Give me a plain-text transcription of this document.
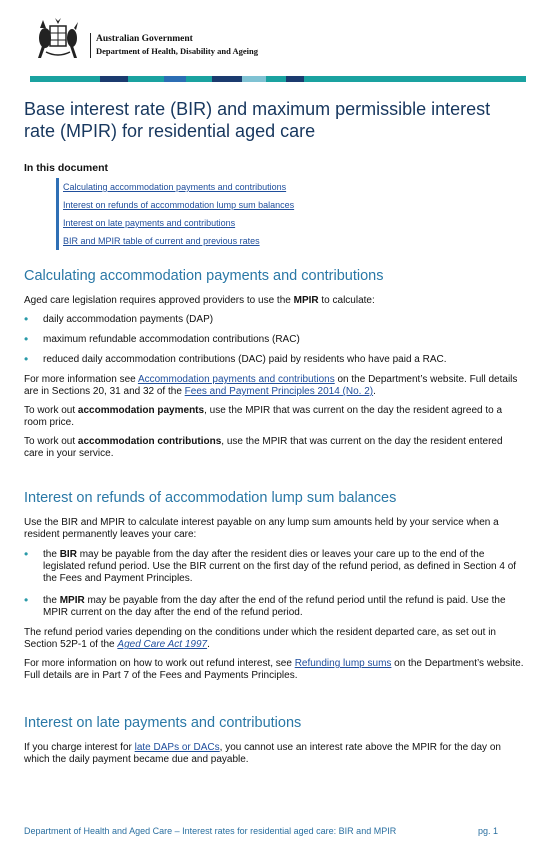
Australian Government
Department of Health, Disability and Ageing
Base interest rate (BIR) and maximum permissible interest rate (MPIR) for residential aged care
In this document
Calculating accommodation payments and contributions
Interest on refunds of accommodation lump sum balances
Interest on late payments and contributions
BIR and MPIR table of current and previous rates
Calculating accommodation payments and contributions

Aged care legislation requires approved providers to use the MPIR to calculate:

• daily accommodation payments (DAP)
• maximum refundable accommodation contributions (RAC)
• reduced daily accommodation contributions (DAC) paid by residents who have paid a RAC.

For more information see Accommodation payments and contributions on the Department’s website. Full details are in Sections 20, 31 and 32 of the Fees and Payment Principles 2014 (No. 2).

To work out accommodation payments, use the MPIR that was current on the day the resident agreed to a room price.

To work out accommodation contributions, use the MPIR that was current on the day the resident entered care in your service.

Interest on refunds of accommodation lump sum balances

Use the BIR and MPIR to calculate interest payable on any lump sum amounts held by your service when a resident permanently leaves your care:

• the BIR may be payable from the day after the resident dies or leaves your care up to the end of the legislated refund period. Use the BIR current on the first day of the refund period, as defined in Section 4 of the Fees and Payment Principles.
• the MPIR may be payable from the day after the end of the refund period until the refund is paid. Use the MPIR current on the day after the end of the refund period.

The refund period varies depending on the conditions under which the resident departed care, as set out in Section 52P-1 of the Aged Care Act 1997.

For more information on how to work out refund interest, see Refunding lump sums on the Department’s website. Full details are in Part 7 of the Fees and Payments Principles.

Interest on late payments and contributions

If you charge interest for late DAPs or DACs, you cannot use an interest rate above the MPIR for the day on which the daily payment became due and payable.

Department of Health and Aged Care – Interest rates for residential aged care: BIR and MPIR	pg. 1
